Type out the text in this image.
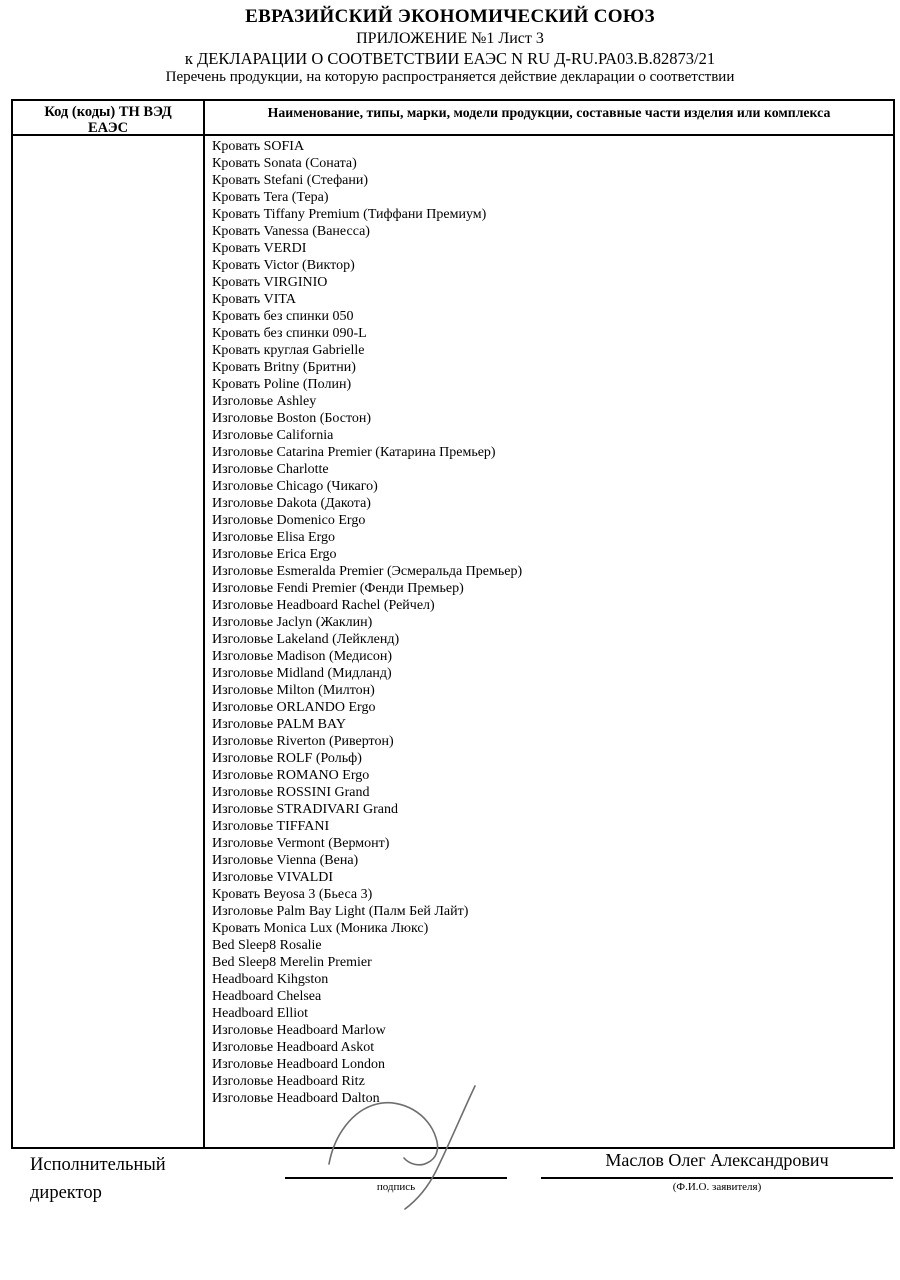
ЕВРАЗИЙСКИЙ ЭКОНОМИЧЕСКИЙ СОЮЗ
ПРИЛОЖЕНИЕ №1 Лист 3
к ДЕКЛАРАЦИИ О СООТВЕТСТВИИ ЕАЭС N RU Д-RU.РА03.В.82873/21
Перечень продукции, на которую распространяется действие декларации о соответствии
Код (коды) ТН ВЭД
ЕАЭС
Наименование, типы, марки, модели продукции, составные части изделия или комплекса
Кровать SOFIA
Кровать Sonata (Соната)
Кровать Stefani (Стефани)
Кровать Tera (Тера)
Кровать Tiffany Premium (Тиффани Премиум)
Кровать Vanessa (Ванесса)
Кровать VERDI
Кровать Victor (Виктор)
Кровать VIRGINIO
Кровать VITA
Кровать без спинки 050
Кровать без спинки 090-L
Кровать круглая Gabrielle
Кровать Britny (Бритни)
Кровать Poline (Полин)
Изголовье Ashley
Изголовье Boston (Бостон)
Изголовье California
Изголовье Catarina Premier (Катарина Премьер)
Изголовье Charlotte
Изголовье Chicago (Чикаго)
Изголовье Dakota (Дакота)
Изголовье Domenico Ergo
Изголовье Elisa Ergo
Изголовье Erica Ergo
Изголовье Esmeralda Premier (Эсмеральда Премьер)
Изголовье Fendi Premier (Фенди Премьер)
Изголовье Headboard Rachel (Рейчел)
Изголовье Jaclyn (Жаклин)
Изголовье Lakeland (Лейкленд)
Изголовье Madison (Медисон)
Изголовье Midland (Мидланд)
Изголовье Milton (Милтон)
Изголовье ORLANDO Ergo
Изголовье PALM BAY
Изголовье Riverton (Ривертон)
Изголовье ROLF (Рольф)
Изголовье ROMANO Ergo
Изголовье ROSSINI Grand
Изголовье STRADIVARI Grand
Изголовье TIFFANI
Изголовье Vermont (Вермонт)
Изголовье Vienna (Вена)
Изголовье VIVALDI
Кровать Beyosa 3 (Бьеса 3)
Изголовье Palm Bay Light (Палм Бей Лайт)
Кровать Monica Lux (Моника Люкс)
Bed Sleep8 Rosalie
Bed Sleep8 Merelin Premier
Headboard Kihgston
Headboard Chelsea
Headboard Elliot
Изголовье Headboard Marlow
Изголовье Headboard Askot
Изголовье Headboard London
Изголовье Headboard Ritz
Изголовье Headboard Dalton
Исполнительный
директор	подпись
Маслов Олег Александрович
(Ф.И.О. заявителя)
